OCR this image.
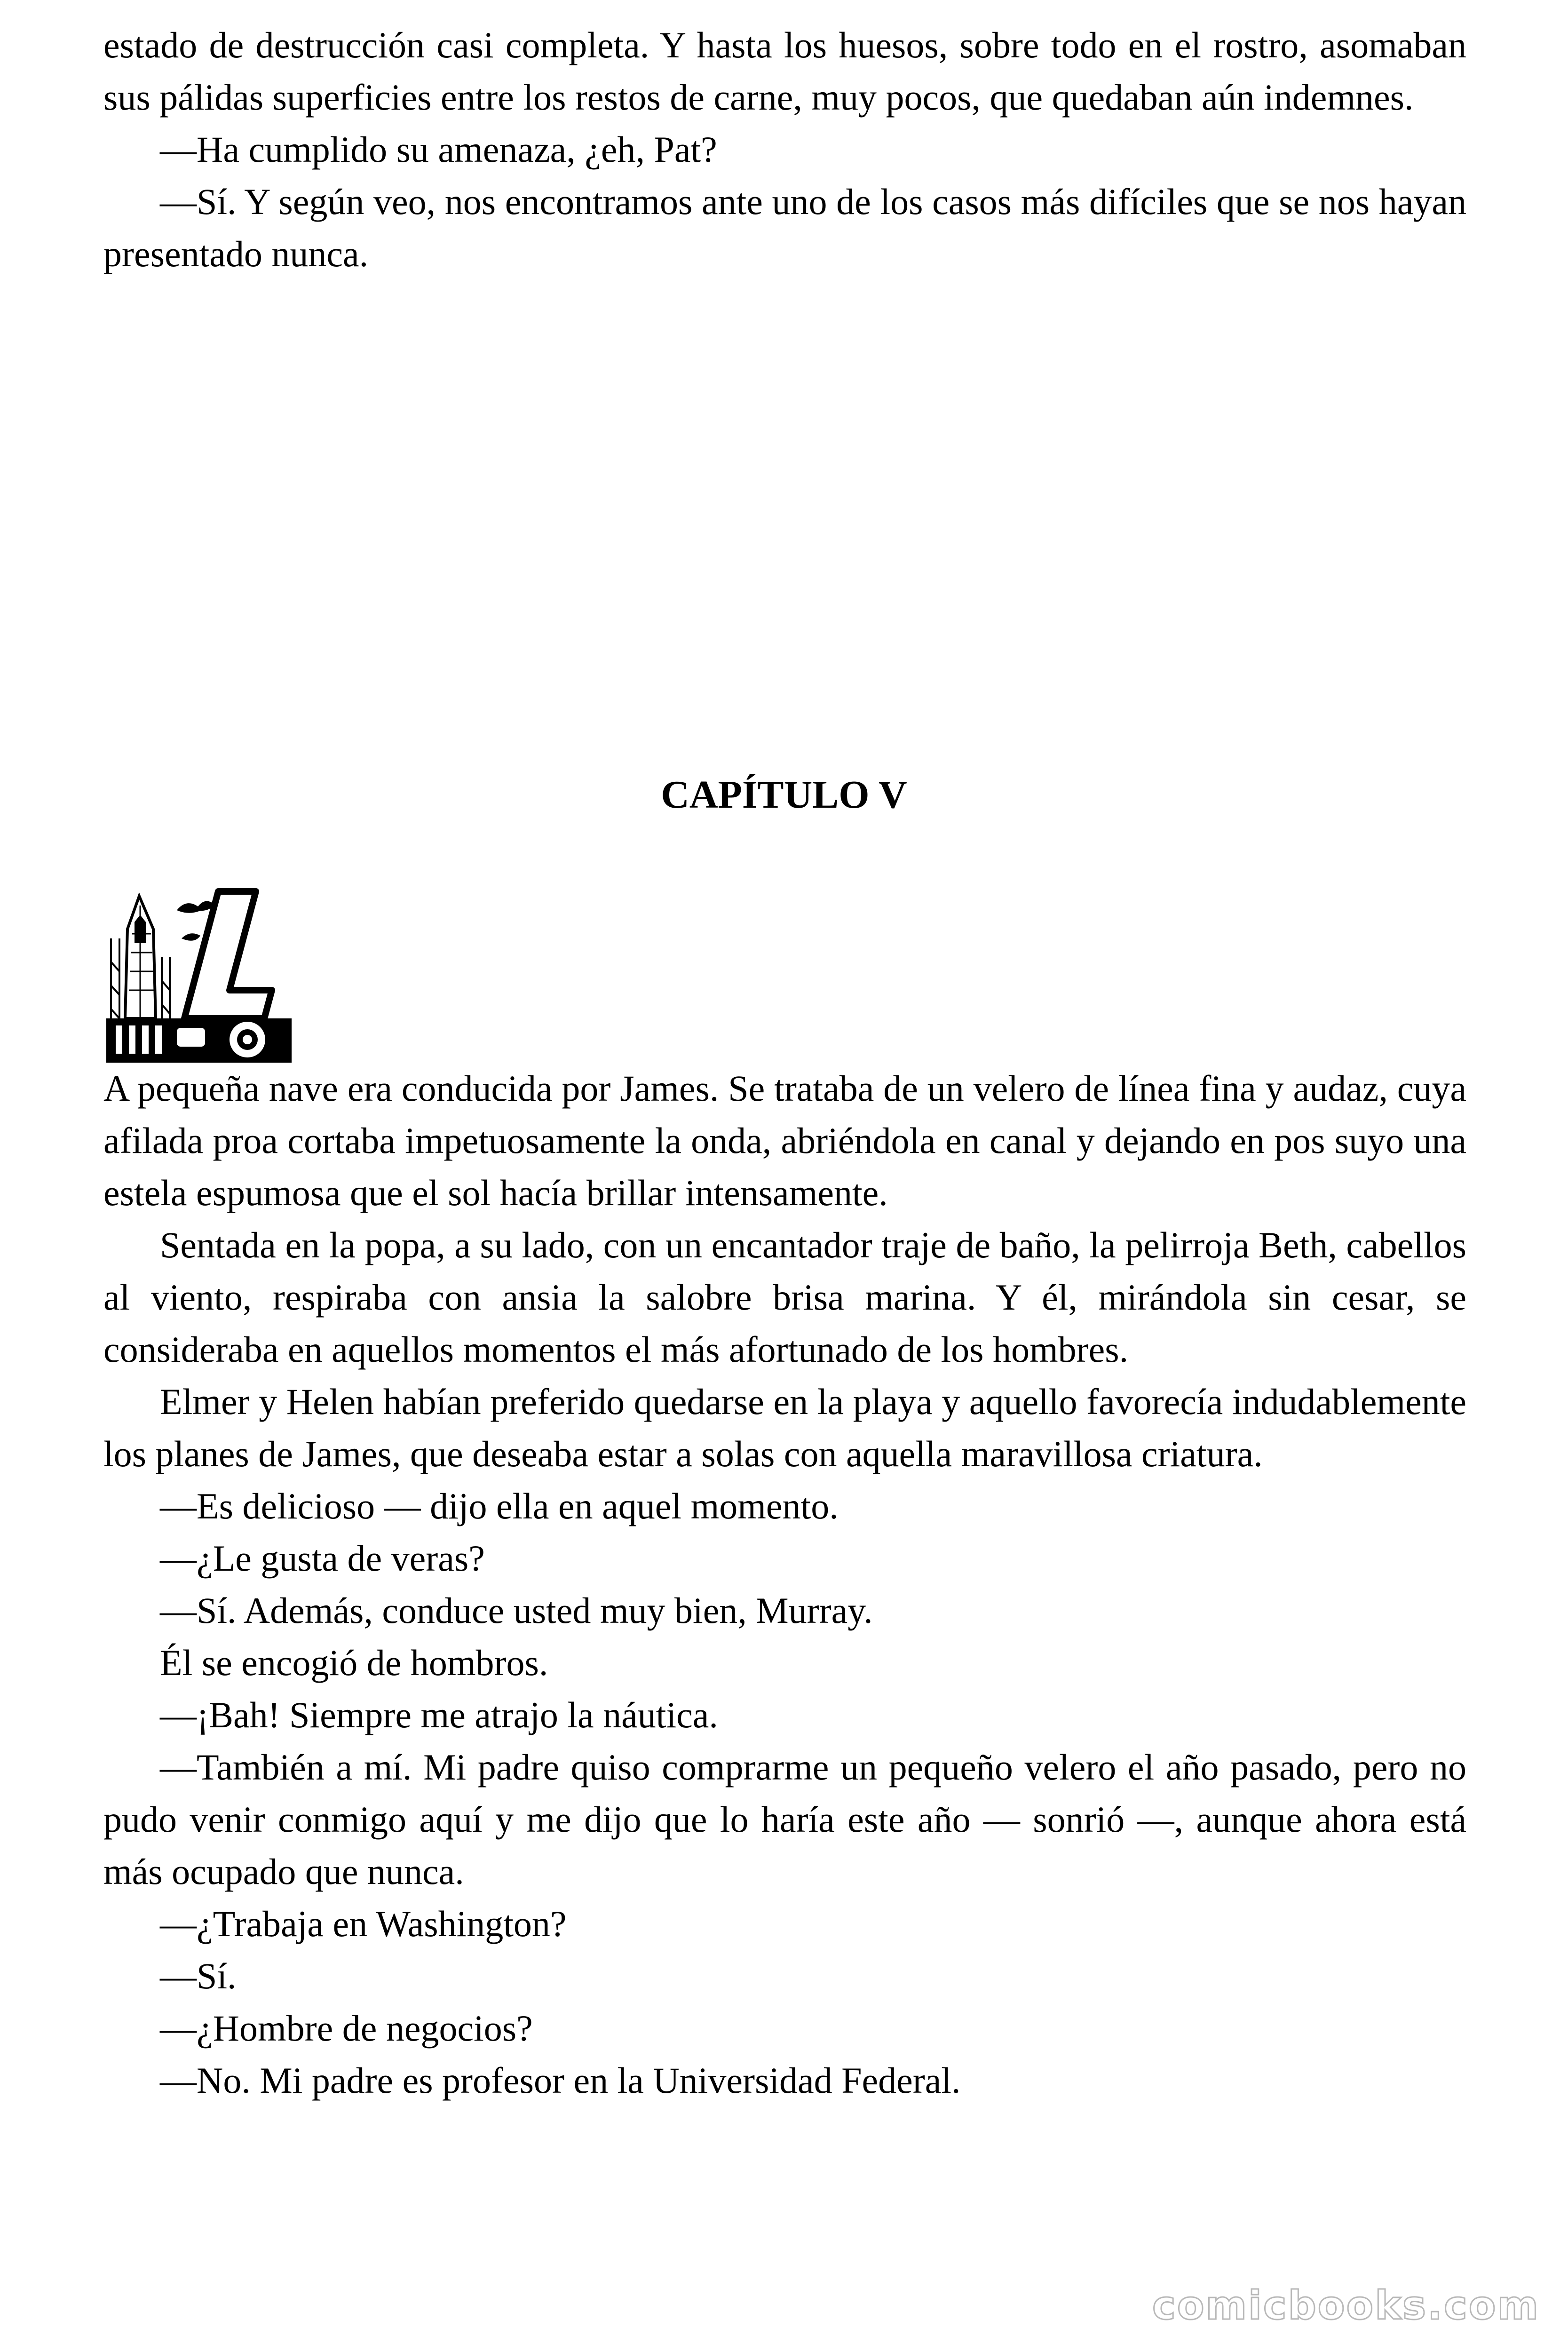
estado de destrucción casi completa. Y hasta los huesos, sobre todo en el rostro, asomaban sus pálidas superficies entre los restos de carne, muy pocos, que quedaban aún indemnes.

—Ha cumplido su amenaza, ¿eh, Pat?

—Sí. Y según veo, nos encontramos ante uno de los casos más difíciles que se nos hayan presentado nunca.

CAPÍTULO V

A pequeña nave era conducida por James. Se trataba de un velero de línea fina y audaz, cuya afilada proa cortaba impetuosamente la onda, abriéndola en canal y dejando en pos suyo una estela espumosa que el sol hacía brillar intensamente.

Sentada en la popa, a su lado, con un encantador traje de baño, la pelirroja Beth, cabellos al viento, respiraba con ansia la salobre brisa marina. Y él, mirándola sin cesar, se consideraba en aquellos momentos el más afortunado de los hombres.

Elmer y Helen habían preferido quedarse en la playa y aquello favorecía indudablemente los planes de James, que deseaba estar a solas con aquella maravillosa criatura.

—Es delicioso — dijo ella en aquel momento.

—¿Le gusta de veras?

—Sí. Además, conduce usted muy bien, Murray.

Él se encogió de hombros.

—¡Bah! Siempre me atrajo la náutica.

—También a mí. Mi padre quiso comprarme un pequeño velero el año pasado, pero no pudo venir conmigo aquí y me dijo que lo haría este año — sonrió —, aunque ahora está más ocupado que nunca.

—¿Trabaja en Washington?

—Sí.

—¿Hombre de negocios?

—No. Mi padre es profesor en la Universidad Federal.

comicbooks.com
